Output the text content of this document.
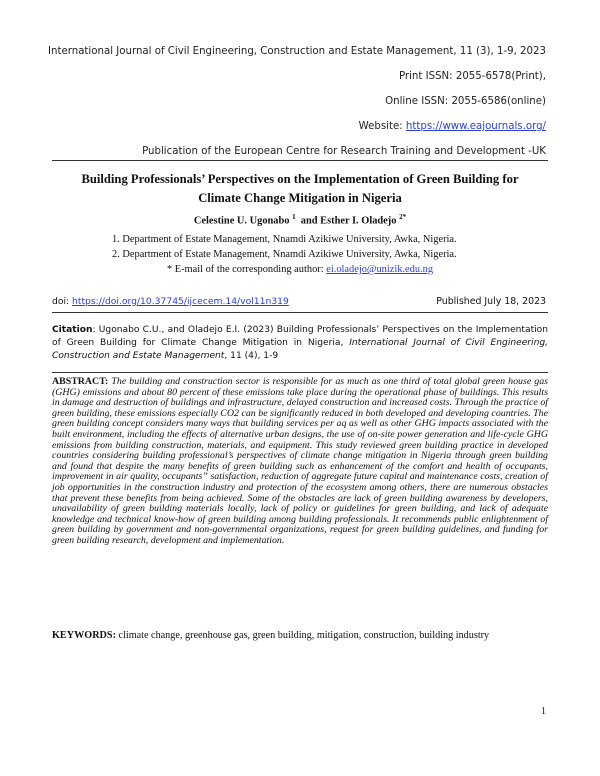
International Journal of Civil Engineering, Construction and Estate Management, 11 (3), 1-9, 2023
Print ISSN: 2055-6578(Print),
Online ISSN: 2055-6586(online)
Website: https://www.eajournals.org/
Publication of the European Centre for Research Training and Development -UK
Building Professionals’ Perspectives on the Implementation of Green Building for
Climate Change Mitigation in Nigeria
Celestine U. Ugonabo $^1$ and Esther I. Oladejo $^{2*}$
1. Department of Estate Management, Nnamdi Azikiwe University, Awka, Nigeria.
2. Department of Estate Management, Nnamdi Azikiwe University, Awka, Nigeria.
* E-mail of the corresponding author: ei.oladejo@unizik.edu.ng
doi: https://doi.org/10.37745/ijcecem.14/vol11n319	Published July 18, 2023
Citation: Ugonabo C.U., and Oladejo E.I. (2023) Building Professionals’ Perspectives on the Implementation of Green Building for Climate Change Mitigation in Nigeria, International Journal of Civil Engineering, Construction and Estate Management, 11 (4), 1-9
ABSTRACT: The building and construction sector is responsible for as much as one third of total global green house gas (GHG) emissions and about 80 percent of these emissions take place during the operational phase of buildings. This results in damage and destruction of buildings and infrastructure, delayed construction and increased costs. Through the practice of green building, these emissions especially CO2 can be significantly reduced in both developed and developing countries. The green building concept considers many ways that building services per aq as well as other GHG impacts associated with the built environment, including the effects of alternative urban designs, the use of on-site power generation and life-cycle GHG emissions from building construction, materials, and equipment. This study reviewed green building practice in developed countries considering building professional’s perspectives of climate change mitigation in Nigeria through green building and found that despite the many benefits of green building such as enhancement of the comfort and health of occupants, improvement in air quality, occupants” satisfaction, reduction of aggregate future capital and maintenance costs, creation of job opportunities in the construction industry and protection of the ecosystem among others, there are numerous obstacles that prevent these benefits from being achieved. Some of the obstacles are lack of green building awareness by developers, unavailability of green building materials locally, lack of policy or guidelines for green building, and lack of adequate knowledge and technical know-how of green building among building professionals. It recommends public enlightenment of green building by government and non-governmental organizations, request for green building guidelines, and funding for green building research, development and implementation.
KEYWORDS: climate change, greenhouse gas, green building, mitigation, construction, building industry
1
